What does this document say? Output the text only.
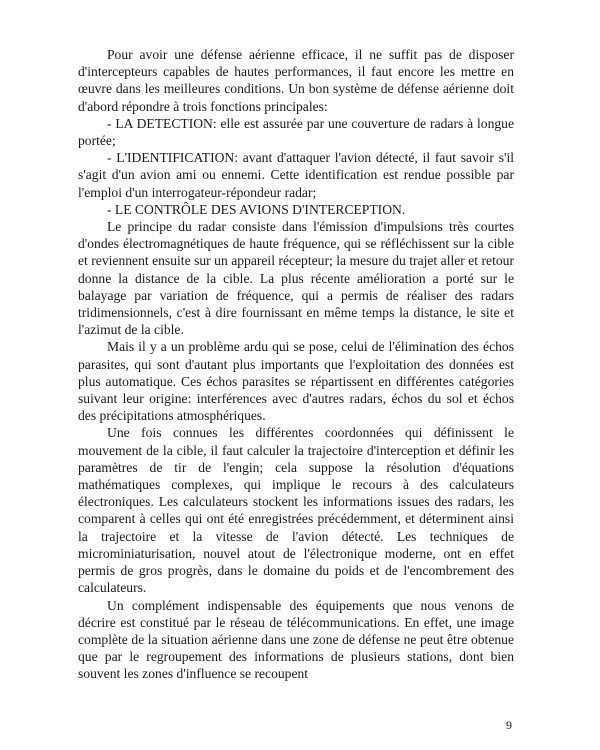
Pour avoir une défense aérienne efficace, il ne suffit pas de disposer d'intercepteurs capables de hautes performances, il faut encore les mettre en œuvre dans les meilleures conditions. Un bon système de défense aérienne doit d'abord répondre à trois fonctions principales:

- LA DETECTION: elle est assurée par une couverture de radars à longue portée;

- L'IDENTIFICATION: avant d'attaquer l'avion détecté, il faut savoir s'il s'agit d'un avion ami ou ennemi. Cette identification est rendue possible par l'emploi d'un interrogateur-répondeur radar;

- LE CONTRÔLE DES AVIONS D'INTERCEPTION.

Le principe du radar consiste dans l'émission d'impulsions très courtes d'ondes électromagnétiques de haute fréquence, qui se réfléchissent sur la cible et reviennent ensuite sur un appareil récepteur; la mesure du trajet aller et retour donne la distance de la cible. La plus récente amélioration a porté sur le balayage par variation de fréquence, qui a permis de réaliser des radars tridimensionnels, c'est à dire fournissant en même temps la distance, le site et l'azimut de la cible.

Mais il y a un problème ardu qui se pose, celui de l'élimination des échos parasites, qui sont d'autant plus importants que l'exploitation des données est plus automatique. Ces échos parasites se répartissent en différentes catégories suivant leur origine: interférences avec d'autres radars, échos du sol et échos des précipitations atmosphériques.

Une fois connues les différentes coordonnées qui définissent le mouvement de la cible, il faut calculer la trajectoire d'interception et définir les paramètres de tir de l'engin; cela suppose la résolution d'équations mathématiques complexes, qui implique le recours à des calculateurs électroniques. Les calculateurs stockent les informations issues des radars, les comparent à celles qui ont été enregistrées précédemment, et déterminent ainsi la trajectoire et la vitesse de l'avion détecté. Les techniques de microminiaturisation, nouvel atout de l'électronique moderne, ont en effet permis de gros progrès, dans le domaine du poids et de l'encombrement des calculateurs.

Un complément indispensable des équipements que nous venons de décrire est constitué par le réseau de télécommunications. En effet, une image complète de la situation aérienne dans une zone de défense ne peut être obtenue que par le regroupement des informations de plusieurs stations, dont bien souvent les zones d'influence se recoupent

9
